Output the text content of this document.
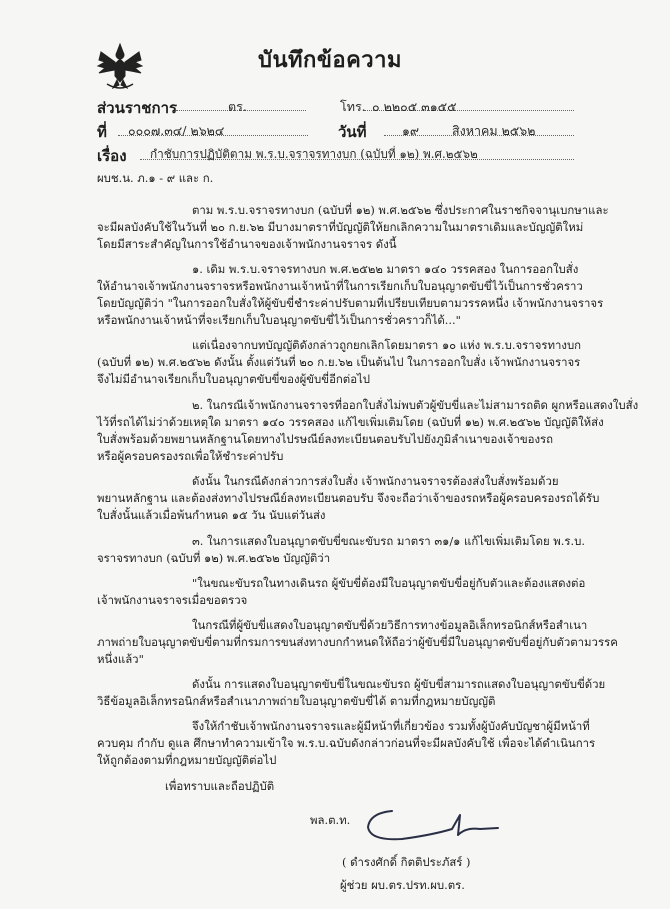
บันทึกข้อความ
ส่วนราชการ	ตร.	โทร. ๐ ๒๒๐๕ ๓๑๕๕
ที่ ๐๐๐๗.๓๔/ ๒๖๒๔	วันที่	๑๙	สิงหาคม ๒๕๖๒
เรื่อง กำชับการปฏิบัติตาม พ.ร.บ.จราจรทางบก (ฉบับที่ ๑๒) พ.ศ.๒๕๖๒
ผบช.น. ภ.๑ - ๙ และ ก.
ตาม พ.ร.บ.จราจรทางบก (ฉบับที่ ๑๒) พ.ศ.๒๕๖๒ ซึ่งประกาศในราชกิจจานุเบกษาและ
จะมีผลบังคับใช้ในวันที่ ๒๐ ก.ย.๖๒ มีบางมาตราที่บัญญัติให้ยกเลิกความในมาตราเดิมและบัญญัติใหม่
โดยมีสาระสำคัญในการใช้อำนาจของเจ้าพนักงานจราจร ดังนี้
๑. เดิม พ.ร.บ.จราจรทางบก พ.ศ.๒๕๒๒ มาตรา ๑๔๐ วรรคสอง ในการออกใบสั่ง
ให้อำนาจเจ้าพนักงานจราจรหรือพนักงานเจ้าหน้าที่ในการเรียกเก็บใบอนุญาตขับขี่ไว้เป็นการชั่วคราว
โดยบัญญัติว่า "ในการออกใบสั่งให้ผู้ขับขี่ชำระค่าปรับตามที่เปรียบเทียบตามวรรคหนึ่ง เจ้าพนักงานจราจร
หรือพนักงานเจ้าหน้าที่จะเรียกเก็บใบอนุญาตขับขี่ไว้เป็นการชั่วคราวก็ได้..."
แต่เนื่องจากบทบัญญัติดังกล่าวถูกยกเลิกโดยมาตรา ๑๐ แห่ง พ.ร.บ.จราจรทางบก
(ฉบับที่ ๑๒) พ.ศ.๒๕๖๒ ดังนั้น ตั้งแต่วันที่ ๒๐ ก.ย.๖๒ เป็นต้นไป ในการออกใบสั่ง เจ้าพนักงานจราจร
จึงไม่มีอำนาจเรียกเก็บใบอนุญาตขับขี่ของผู้ขับขี่อีกต่อไป
๒. ในกรณีเจ้าพนักงานจราจรที่ออกใบสั่งไม่พบตัวผู้ขับขี่และไม่สามารถติด ผูกหรือแสดงใบสั่ง
ไว้ที่รถได้ไม่ว่าด้วยเหตุใด มาตรา ๑๔๐ วรรคสอง แก้ไขเพิ่มเติมโดย (ฉบับที่ ๑๒) พ.ศ.๒๕๖๒ บัญญัติให้ส่ง
ใบสั่งพร้อมด้วยพยานหลักฐานโดยทางไปรษณีย์ลงทะเบียนตอบรับไปยังภูมิลำเนาของเจ้าของรถ
หรือผู้ครอบครองรถเพื่อให้ชำระค่าปรับ
ดังนั้น ในกรณีดังกล่าวการส่งใบสั่ง เจ้าพนักงานจราจรต้องส่งใบสั่งพร้อมด้วย
พยานหลักฐาน และต้องส่งทางไปรษณีย์ลงทะเบียนตอบรับ จึงจะถือว่าเจ้าของรถหรือผู้ครอบครองรถได้รับ
ใบสั่งนั้นแล้วเมื่อพ้นกำหนด ๑๕ วัน นับแต่วันส่ง
๓. ในการแสดงใบอนุญาตขับขี่ขณะขับรถ มาตรา ๓๑/๑ แก้ไขเพิ่มเติมโดย พ.ร.บ.
จราจรทางบก (ฉบับที่ ๑๒) พ.ศ.๒๕๖๒ บัญญัติว่า
"ในขณะขับรถในทางเดินรถ ผู้ขับขี่ต้องมีใบอนุญาตขับขี่อยู่กับตัวและต้องแสดงต่อ
เจ้าพนักงานจราจรเมื่อขอตรวจ
ในกรณีที่ผู้ขับขี่แสดงใบอนุญาตขับขี่ด้วยวิธีการทางข้อมูลอิเล็กทรอนิกส์หรือสำเนา
ภาพถ่ายใบอนุญาตขับขี่ตามที่กรมการขนส่งทางบกกำหนดให้ถือว่าผู้ขับขี่มีใบอนุญาตขับขี่อยู่กับตัวตามวรรค
หนึ่งแล้ว"
ดังนั้น การแสดงใบอนุญาตขับขี่ในขณะขับรถ ผู้ขับขี่สามารถแสดงใบอนุญาตขับขี่ด้วย
วิธีข้อมูลอิเล็กทรอนิกส์หรือสำเนาภาพถ่ายใบอนุญาตขับขี่ได้ ตามที่กฎหมายบัญญัติ
จึงให้กำชับเจ้าพนักงานจราจรและผู้มีหน้าที่เกี่ยวข้อง รวมทั้งผู้บังคับบัญชาผู้มีหน้าที่
ควบคุม กำกับ ดูแล ศึกษาทำความเข้าใจ พ.ร.บ.ฉบับดังกล่าวก่อนที่จะมีผลบังคับใช้ เพื่อจะได้ดำเนินการ
ให้ถูกต้องตามที่กฎหมายบัญญัติต่อไป
เพื่อทราบและถือปฏิบัติ
พล.ต.ท.
( ดำรงศักดิ์ กิตติประภัสร์ )
ผู้ช่วย ผบ.ตร.ปรท.ผบ.ตร.
